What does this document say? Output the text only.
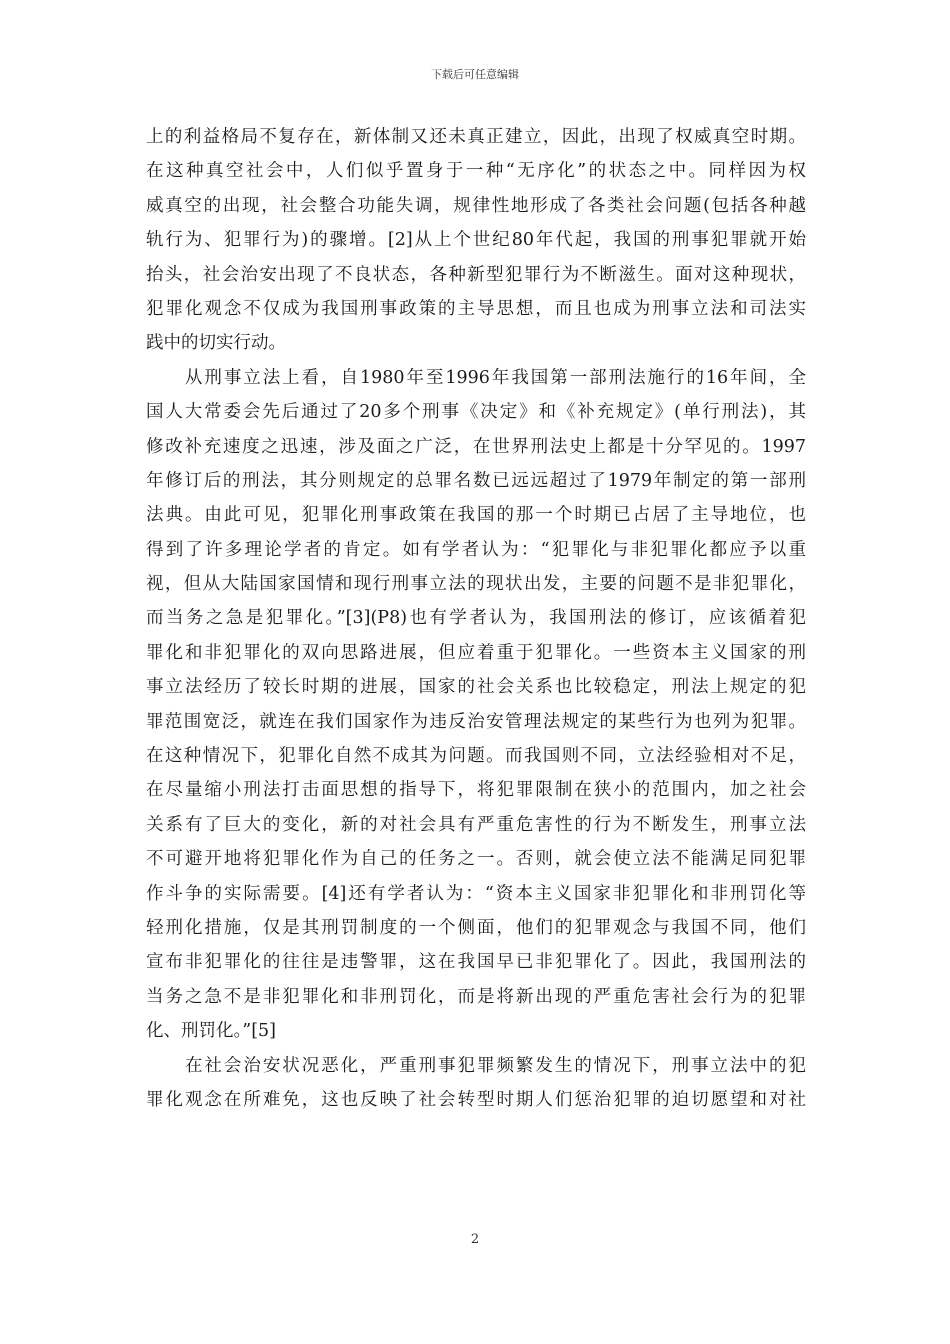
下载后可任意编辑
上的利益格局不复存在，新体制又还未真正建立，因此，出现了权威真空时期。
在这种真空社会中，人们似乎置身于一种“无序化”的状态之中。同样因为权
威真空的出现，社会整合功能失调，规律性地形成了各类社会问题(包括各种越
轨行为、犯罪行为)的骤增。[2]从上个世纪80年代起，我国的刑事犯罪就开始
抬头，社会治安出现了不良状态，各种新型犯罪行为不断滋生。面对这种现状，
犯罪化观念不仅成为我国刑事政策的主导思想，而且也成为刑事立法和司法实
践中的切实行动。
　　从刑事立法上看，自1980年至1996年我国第一部刑法施行的16年间，全
国人大常委会先后通过了20多个刑事《决定》和《补充规定》(单行刑法)，其
修改补充速度之迅速，涉及面之广泛，在世界刑法史上都是十分罕见的。1997
年修订后的刑法，其分则规定的总罪名数已远远超过了1979年制定的第一部刑
法典。由此可见，犯罪化刑事政策在我国的那一个时期已占居了主导地位，也
得到了许多理论学者的肯定。如有学者认为：“犯罪化与非犯罪化都应予以重
视，但从大陆国家国情和现行刑事立法的现状出发，主要的问题不是非犯罪化，
而当务之急是犯罪化。”[3](P8)也有学者认为，我国刑法的修订，应该循着犯
罪化和非犯罪化的双向思路进展，但应着重于犯罪化。一些资本主义国家的刑
事立法经历了较长时期的进展，国家的社会关系也比较稳定，刑法上规定的犯
罪范围宽泛，就连在我们国家作为违反治安管理法规定的某些行为也列为犯罪。
在这种情况下，犯罪化自然不成其为问题。而我国则不同，立法经验相对不足，
在尽量缩小刑法打击面思想的指导下，将犯罪限制在狭小的范围内，加之社会
关系有了巨大的变化，新的对社会具有严重危害性的行为不断发生，刑事立法
不可避开地将犯罪化作为自己的任务之一。否则，就会使立法不能满足同犯罪
作斗争的实际需要。[4]还有学者认为：“资本主义国家非犯罪化和非刑罚化等
轻刑化措施，仅是其刑罚制度的一个侧面，他们的犯罪观念与我国不同，他们
宣布非犯罪化的往往是违警罪，这在我国早已非犯罪化了。因此，我国刑法的
当务之急不是非犯罪化和非刑罚化，而是将新出现的严重危害社会行为的犯罪
化、刑罚化。”[5]
　　在社会治安状况恶化，严重刑事犯罪频繁发生的情况下，刑事立法中的犯
罪化观念在所难免，这也反映了社会转型时期人们惩治犯罪的迫切愿望和对社
2
